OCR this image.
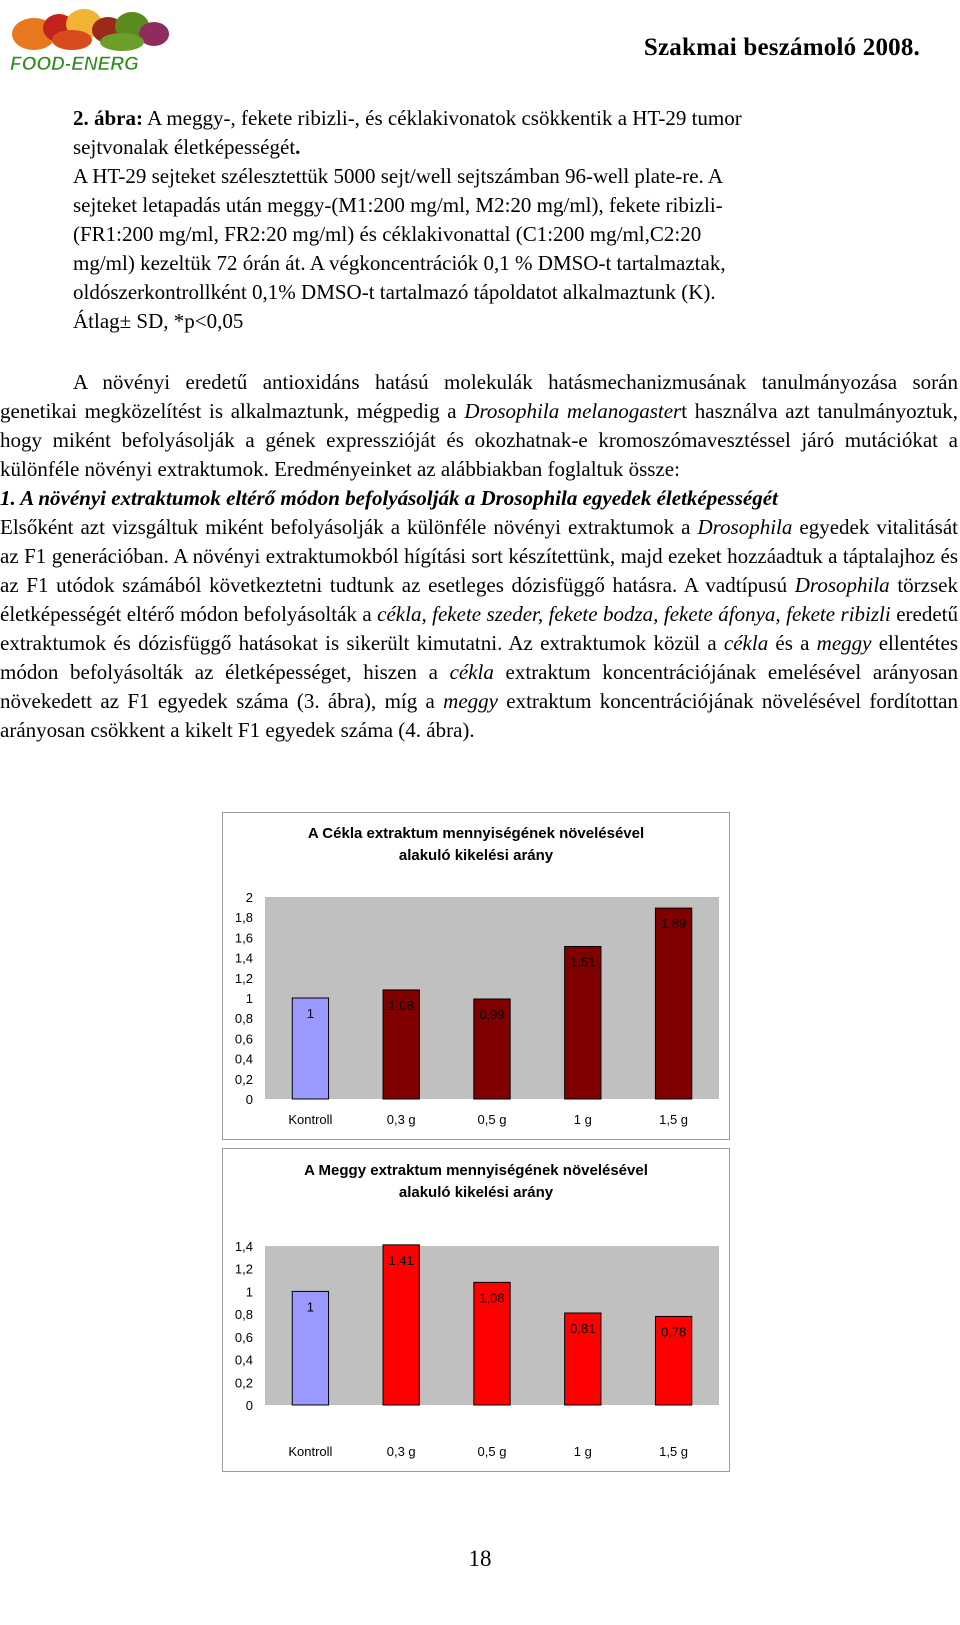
FOOD-ENERG
Szakmai beszámoló 2008.
2. ábra: A meggy-, fekete ribizli-, és céklakivonatok csökkentik a HT-29 tumor
sejtvonalak életképességét.
A HT-29 sejteket szélesztettük 5000 sejt/well sejtszámban 96-well plate-re. A
sejteket letapadás után meggy-(M1:200 mg/ml, M2:20 mg/ml), fekete ribizli-
(FR1:200 mg/ml, FR2:20 mg/ml) és céklakivonattal (C1:200 mg/ml,C2:20
mg/ml) kezeltük 72 órán át. A végkoncentrációk 0,1 % DMSO-t tartalmaztak,
oldószerkontrollként 0,1% DMSO-t tartalmazó tápoldatot alkalmaztunk (K).
Átlag± SD, *p<0,05

A növényi eredetű antioxidáns hatású molekulák hatásmechanizmusának tanulmányozása során genetikai megközelítést is alkalmaztunk, mégpedig a Drosophila melanogastert használva azt tanulmányoztuk, hogy miként befolyásolják a gének expresszióját és okozhatnak-e kromoszómavesztéssel járó mutációkat a különféle növényi extraktumok. Eredményeinket az alábbiakban foglaltuk össze:

1. A növényi extraktumok eltérő módon befolyásolják a Drosophila egyedek életképességét

Elsőként azt vizsgáltuk miként befolyásolják a különféle növényi extraktumok a Drosophila egyedek vitalitását az F1 generációban. A növényi extraktumokból hígítási sort készítettünk, majd ezeket hozzáadtuk a táptalajhoz és az F1 utódok számából következtetni tudtunk az esetleges dózisfüggő hatásra. A vadtípusú Drosophila törzsek életképességét eltérő módon befolyásolták a cékla, fekete szeder, fekete bodza, fekete áfonya, fekete ribizli eredetű extraktumok és dózisfüggő hatásokat is sikerült kimutatni. Az extraktumok közül a cékla és a meggy ellentétes módon befolyásolták az életképességet, hiszen a cékla extraktum koncentrációjának emelésével arányosan növekedett az F1 egyedek száma (3. ábra), míg a meggy extraktum koncentrációjának növelésével fordítottan arányosan csökkent a kikelt F1 egyedek száma (4. ábra).

A Cékla extraktum mennyiségének növelésével
alakuló kikelési arány
0
0,2
0,4
0,6
0,8
1
1,2
1,4
1,6
1,8
2
1
Kontroll
1,08
0,3 g
0,99
0,5 g
1,51
1 g
1,89
1,5 g
A Meggy extraktum mennyiségének növelésével
alakuló kikelési arány
0
0,2
0,4
0,6
0,8
1
1,2
1,4
1
Kontroll
1,41
0,3 g
1,08
0,5 g
0,81
1 g
0,78
1,5 g
18
